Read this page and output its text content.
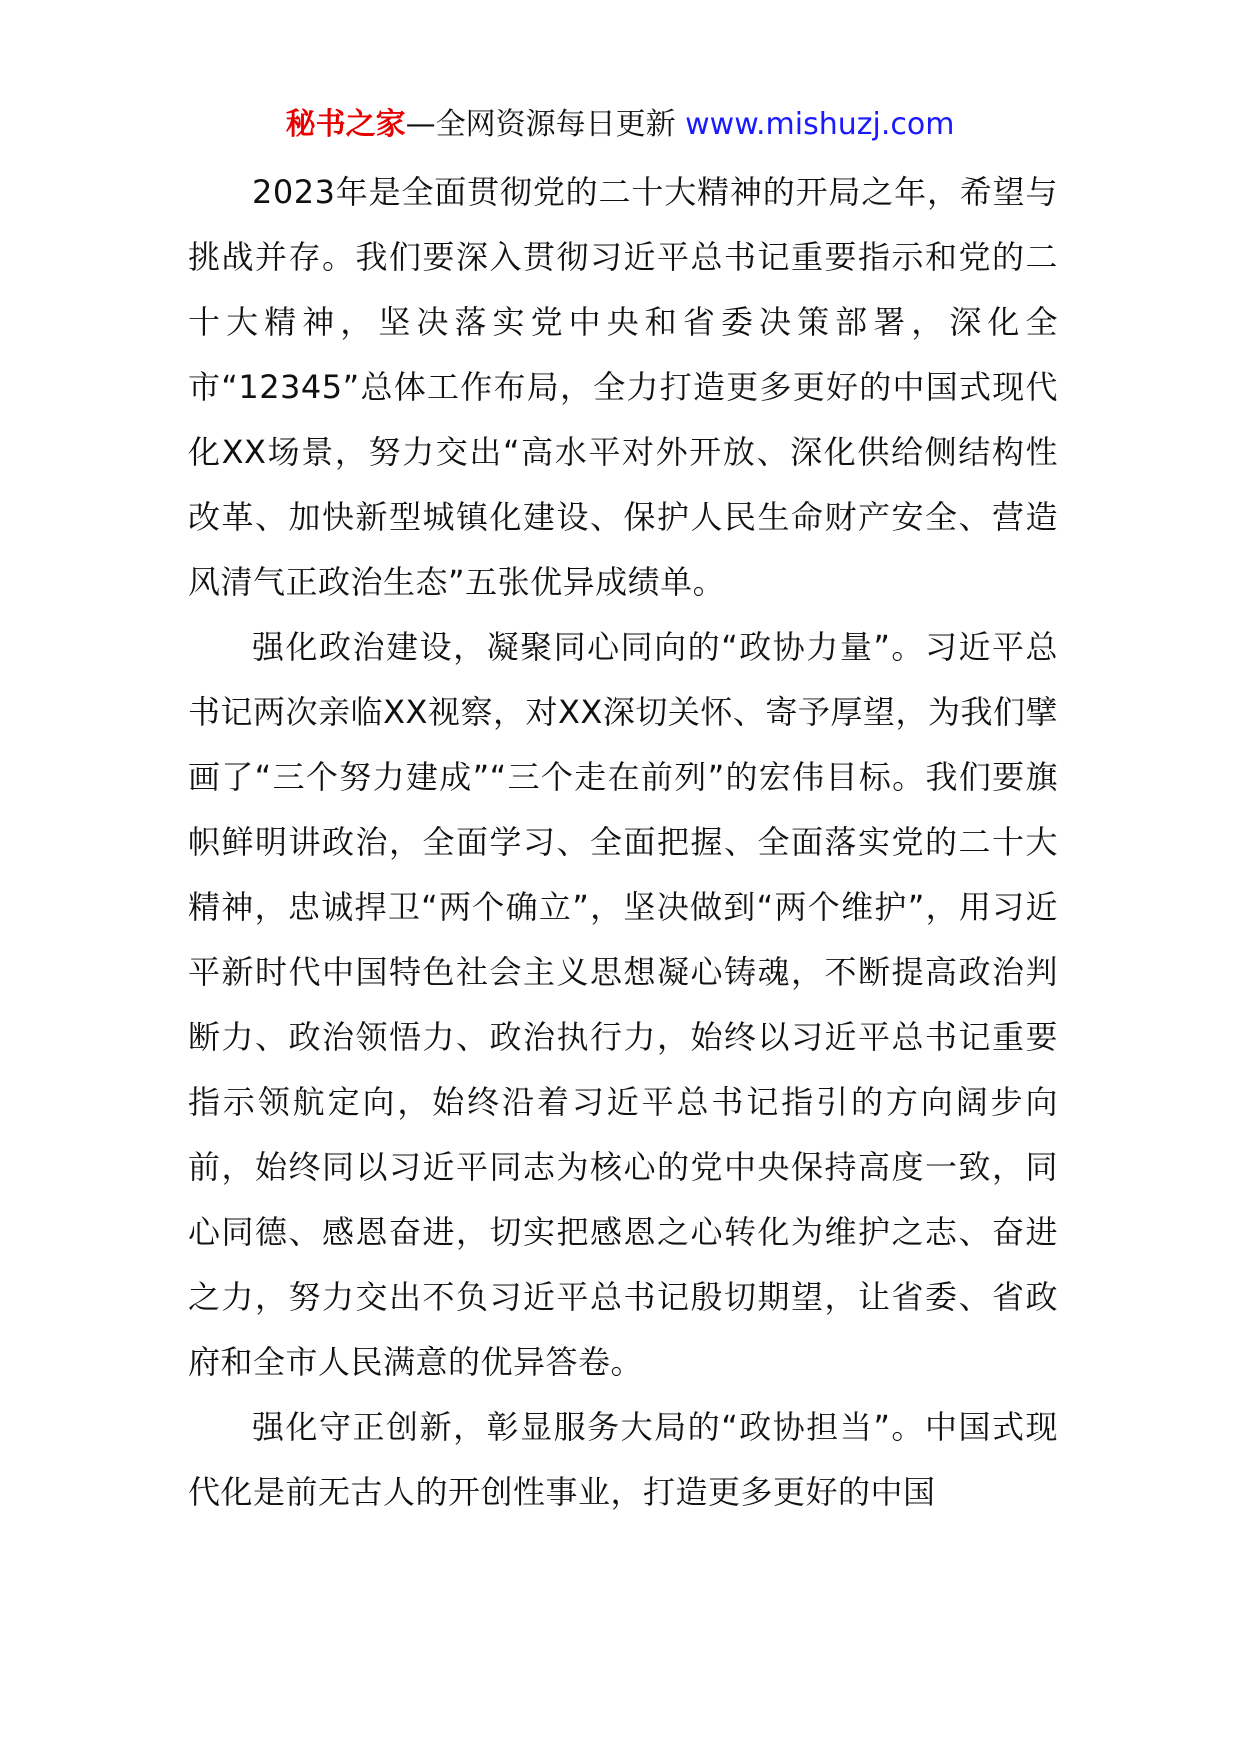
秘书之家—全网资源每日更新 www.mishuzj.com

2023年是全面贯彻党的二十大精神的开局之年，希望与挑战并存。我们要深入贯彻习近平总书记重要指示和党的二十大精神，坚决落实党中央和省委决策部署，深化全市“12345”总体工作布局，全力打造更多更好的中国式现代化XX场景，努力交出“高水平对外开放、深化供给侧结构性改革、加快新型城镇化建设、保护人民生命财产安全、营造风清气正政治生态”五张优异成绩单。

强化政治建设，凝聚同心同向的“政协力量”。习近平总书记两次亲临XX视察，对XX深切关怀、寄予厚望，为我们擘画了“三个努力建成”“三个走在前列”的宏伟目标。我们要旗帜鲜明讲政治，全面学习、全面把握、全面落实党的二十大精神，忠诚捍卫“两个确立”，坚决做到“两个维护”，用习近平新时代中国特色社会主义思想凝心铸魂，不断提高政治判断力、政治领悟力、政治执行力，始终以习近平总书记重要指示领航定向，始终沿着习近平总书记指引的方向阔步向前，始终同以习近平同志为核心的党中央保持高度一致，同心同德、感恩奋进，切实把感恩之心转化为维护之志、奋进之力，努力交出不负习近平总书记殷切期望，让省委、省政府和全市人民满意的优异答卷。

强化守正创新，彰显服务大局的“政协担当”。中国式现代化是前无古人的开创性事业，打造更多更好的中国
